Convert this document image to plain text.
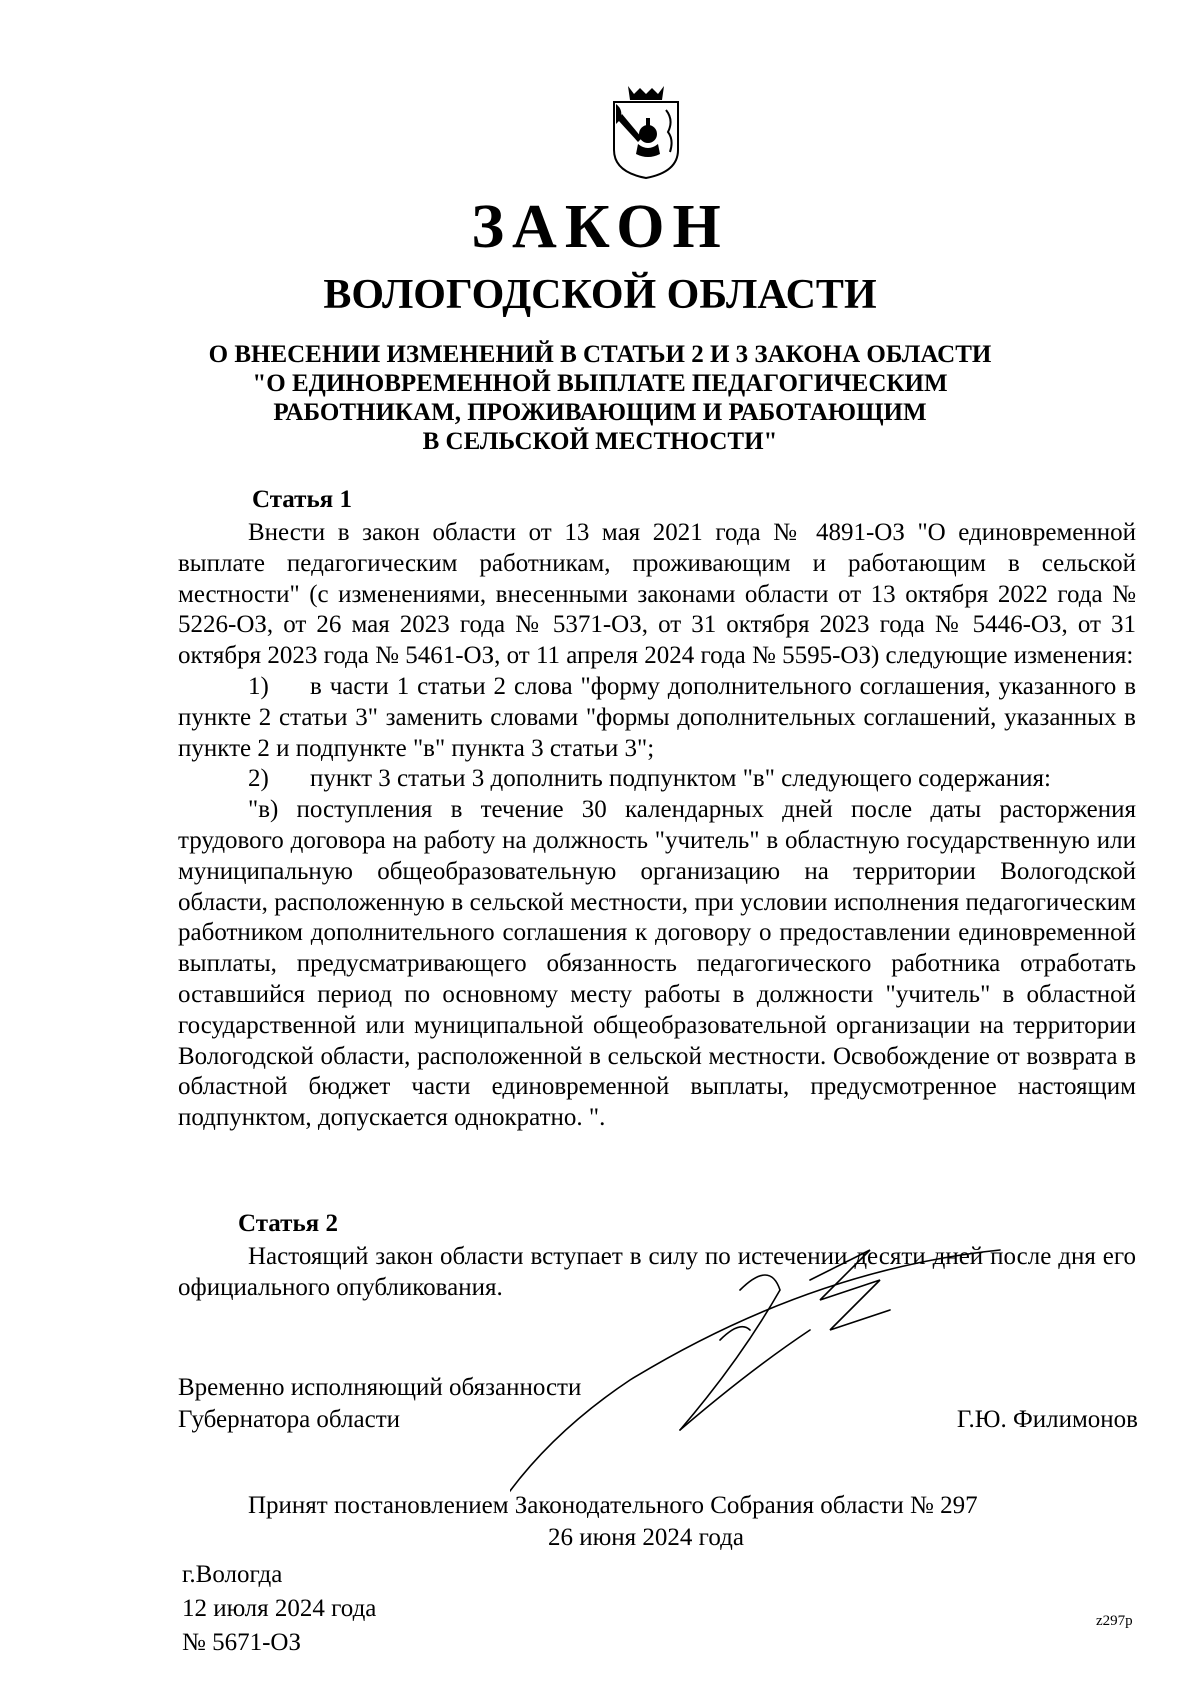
ЗАКОН
ВОЛОГОДСКОЙ ОБЛАСТИ
О ВНЕСЕНИИ ИЗМЕНЕНИЙ В СТАТЬИ 2 И 3 ЗАКОНА ОБЛАСТИ
"О ЕДИНОВРЕМЕННОЙ ВЫПЛАТЕ ПЕДАГОГИЧЕСКИМ
РАБОТНИКАМ, ПРОЖИВАЮЩИМ И РАБОТАЮЩИМ
В СЕЛЬСКОЙ МЕСТНОСТИ"
Статья 1

Внести в закон области от 13 мая 2021 года № 4891-ОЗ "О единовременной выплате педагогическим работникам, проживающим и работающим в сельской местности" (с изменениями, внесенными законами области от 13 октября 2022 года № 5226-ОЗ, от 26 мая 2023 года № 5371-ОЗ, от 31 октября 2023 года № 5446-ОЗ, от 31 октября 2023 года № 5461-ОЗ, от 11 апреля 2024 года № 5595-ОЗ) следующие изменения:

1) в части 1 статьи 2 слова "форму дополнительного соглашения, указанного в пункте 2 статьи 3" заменить словами "формы дополнительных соглашений, указанных в пункте 2 и подпункте "в" пункта 3 статьи 3";

2) пункт 3 статьи 3 дополнить подпунктом "в" следующего содержания:

"в) поступления в течение 30 календарных дней после даты расторжения трудового договора на работу на должность "учитель" в областную государственную или муниципальную общеобразовательную организацию на территории Вологодской области, расположенную в сельской местности, при условии исполнения педагогическим работником дополнительного соглашения к договору о предоставлении единовременной выплаты, предусматривающего обязанность педагогического работника отработать оставшийся период по основному месту работы в должности "учитель" в областной государственной или муниципальной общеобразовательной организации на территории Вологодской области, расположенной в сельской местности. Освобождение от возврата в областной бюджет части единовременной выплаты, предусмотренное настоящим подпунктом, допускается однократно. ".

Статья 2

Настоящий закон области вступает в силу по истечении десяти дней после дня его официального опубликования.

Временно исполняющий обязанности
Губернатора области	Г.Ю. Филимонов
Принят постановлением Законодательного Собрания области № 297
26 июня 2024 года
г.Вологда
12 июля 2024 года
№ 5671-ОЗ
z297р
